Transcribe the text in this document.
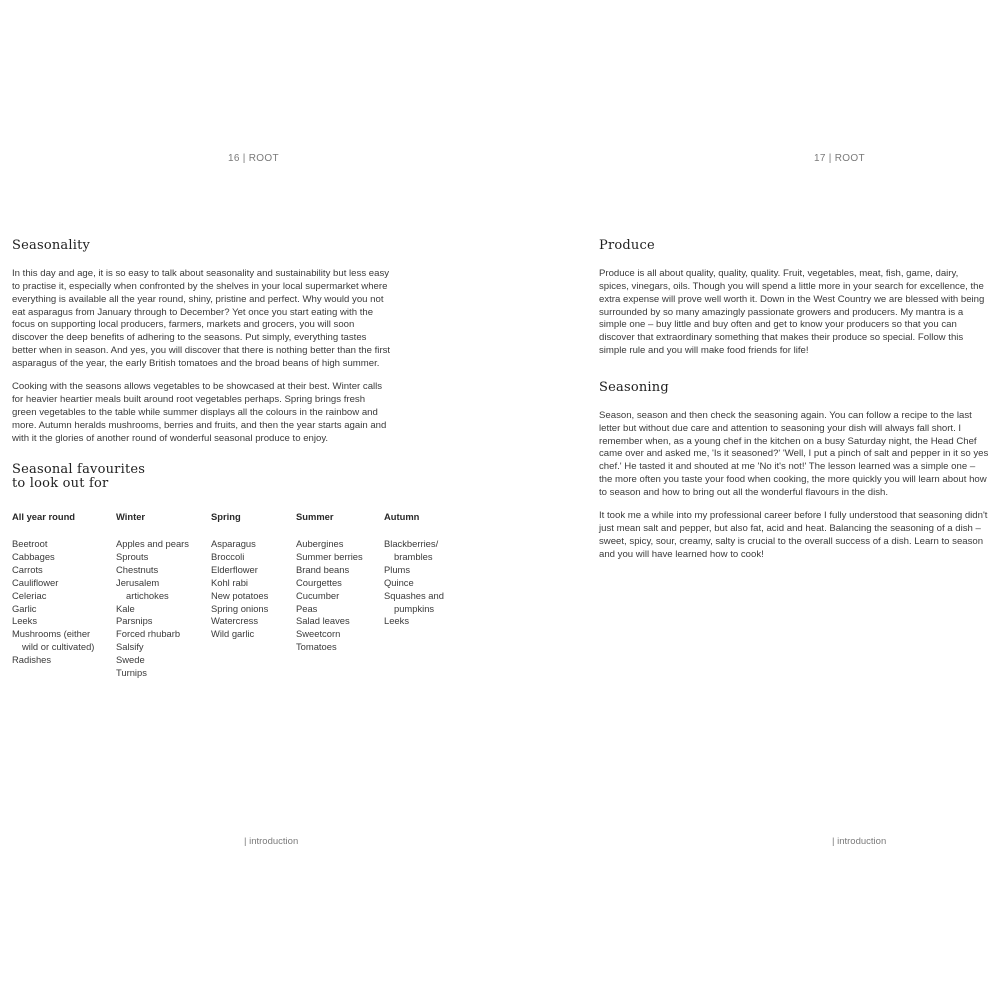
16 | ROOT
Seasonality

In this day and age, it is so easy to talk about seasonality and sustainability but less easy to practise it, especially when confronted by the shelves in your local supermarket where everything is available all the year round, shiny, pristine and perfect. Why would you not eat asparagus from January through to December? Yet once you start eating with the focus on supporting local producers, farmers, markets and grocers, you will soon discover the deep benefits of adhering to the seasons. Put simply, everything tastes better when in season. And yes, you will discover that there is nothing better than the first asparagus of the year, the early British tomatoes and the broad beans of high summer.

Cooking with the seasons allows vegetables to be showcased at their best. Winter calls for heavier heartier meals built around root vegetables perhaps. Spring brings fresh green vegetables to the table while summer displays all the colours in the rainbow and more. Autumn heralds mushrooms, berries and fruits, and then the year starts again and with it the glories of another round of wonderful seasonal produce to enjoy.

Seasonal favourites
to look out for
All year round
Beetroot
Cabbages
Carrots
Cauliflower
Celeriac
Garlic
Leeks
Mushrooms (either
wild or cultivated)
Radishes
Winter
Apples and pears
Sprouts
Chestnuts
Jerusalem
artichokes
Kale
Parsnips
Forced rhubarb
Salsify
Swede
Turnips
Spring
Asparagus
Broccoli
Elderflower
Kohl rabi
New potatoes
Spring onions
Watercress
Wild garlic
Summer
Aubergines
Summer berries
Brand beans
Courgettes
Cucumber
Peas
Salad leaves
Sweetcorn
Tomatoes
Autumn
Blackberries/
brambles
Plums
Quince
Squashes and
pumpkins
Leeks
| introduction
17 | ROOT
Produce

Produce is all about quality, quality, quality. Fruit, vegetables, meat, fish, game, dairy, spices, vinegars, oils. Though you will spend a little more in your search for excellence, the extra expense will prove well worth it. Down in the West Country we are blessed with being surrounded by so many amazingly passionate growers and producers. My mantra is a simple one – buy little and buy often and get to know your producers so that you can discover that extraordinary something that makes their produce so special. Follow this simple rule and you will make food friends for life!

Seasoning

Season, season and then check the seasoning again. You can follow a recipe to the last letter but without due care and attention to seasoning your dish will always fall short. I remember when, as a young chef in the kitchen on a busy Saturday night, the Head Chef came over and asked me, 'Is it seasoned?' 'Well, I put a pinch of salt and pepper in it so yes chef.' He tasted it and shouted at me 'No it's not!' The lesson learned was a simple one – the more often you taste your food when cooking, the more quickly you will learn about how to season and how to bring out all the wonderful flavours in the dish.

It took me a while into my professional career before I fully understood that seasoning didn't just mean salt and pepper, but also fat, acid and heat. Balancing the seasoning of a dish – sweet, spicy, sour, creamy, salty is crucial to the overall success of a dish. Learn to season and you will have learned how to cook!

| introduction
